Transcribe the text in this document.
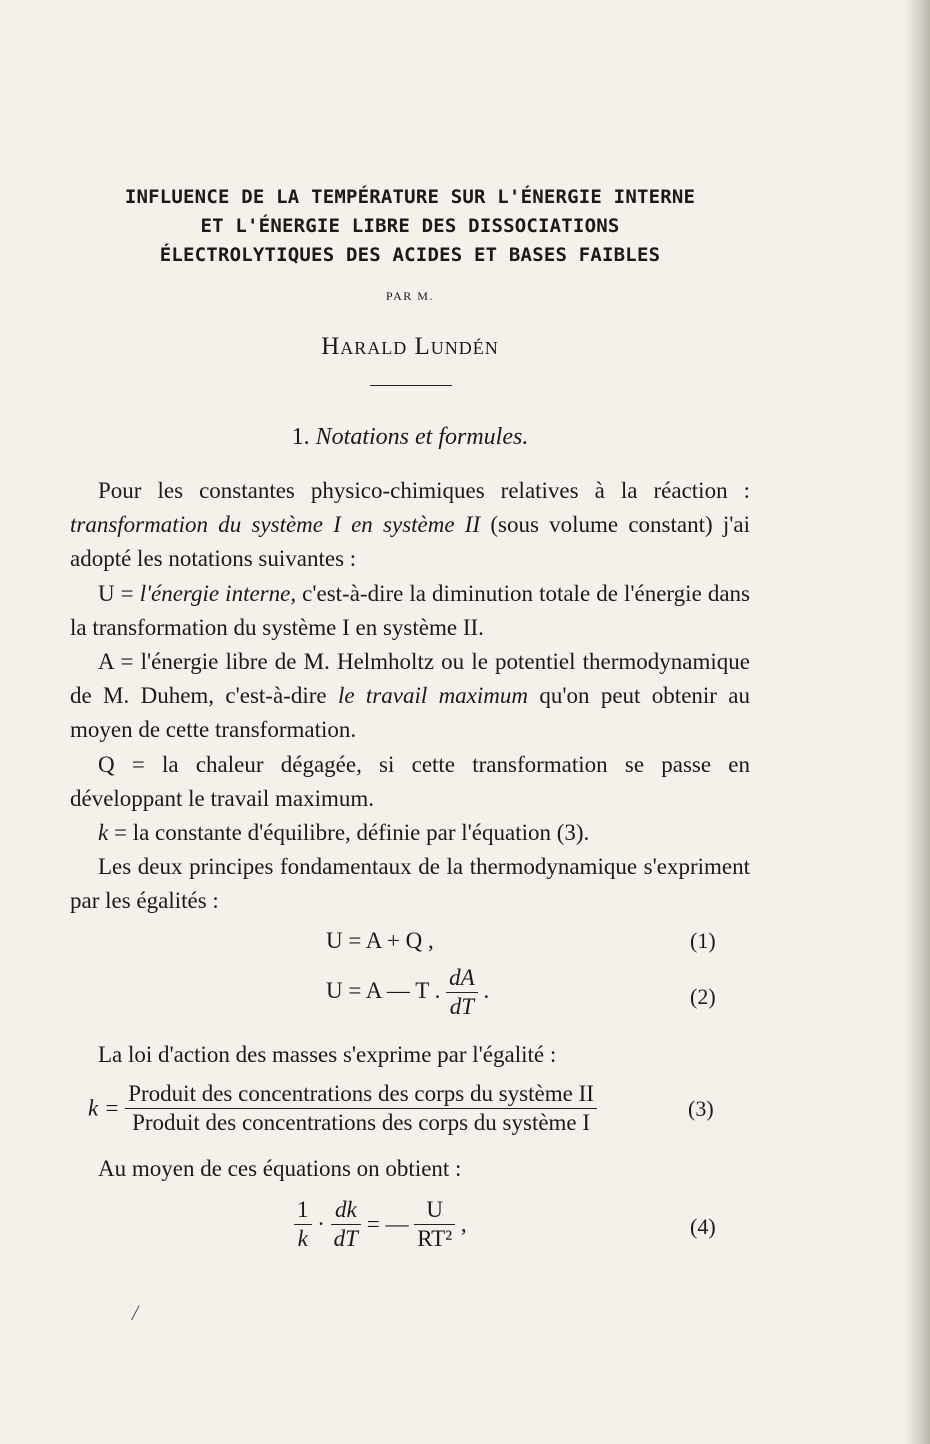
INFLUENCE DE LA TEMPÉRATURE SUR L'ÉNERGIE INTERNE
ET L'ÉNERGIE LIBRE DES DISSOCIATIONS
ÉLECTROLYTIQUES DES ACIDES ET BASES FAIBLES
PAR M.
Harald Lundén
1. Notations et formules.

Pour les constantes physico-chimiques relatives à la réaction : transformation du système I en système II (sous volume constant) j'ai adopté les notations suivantes :

U = l'énergie interne, c'est-à-dire la diminution totale de l'énergie dans la transformation du système I en système II.

A = l'énergie libre de M. Helmholtz ou le potentiel thermodynamique de M. Duhem, c'est-à-dire le travail maximum qu'on peut obtenir au moyen de cette transformation.

Q = la chaleur dégagée, si cette transformation se passe en développant le travail maximum.

k = la constante d'équilibre, définie par l'équation (3).

Les deux principes fondamentaux de la thermodynamique s'expriment par les égalités :

U = A + Q ,	(1)
U = A — T . $\frac{dA}{dT}$ .	(2)

La loi d'action des masses s'exprime par l'égalité :

$k = \frac{\text{Produit des concentrations des corps du système II}}{\text{Produit des concentrations des corps du système I}}$	(3)

Au moyen de ces équations on obtient :

$\frac{1}{k} \cdot \frac{dk}{dT}$ = — $\frac{U}{\text{RT²}}$ ,	(4)
/
